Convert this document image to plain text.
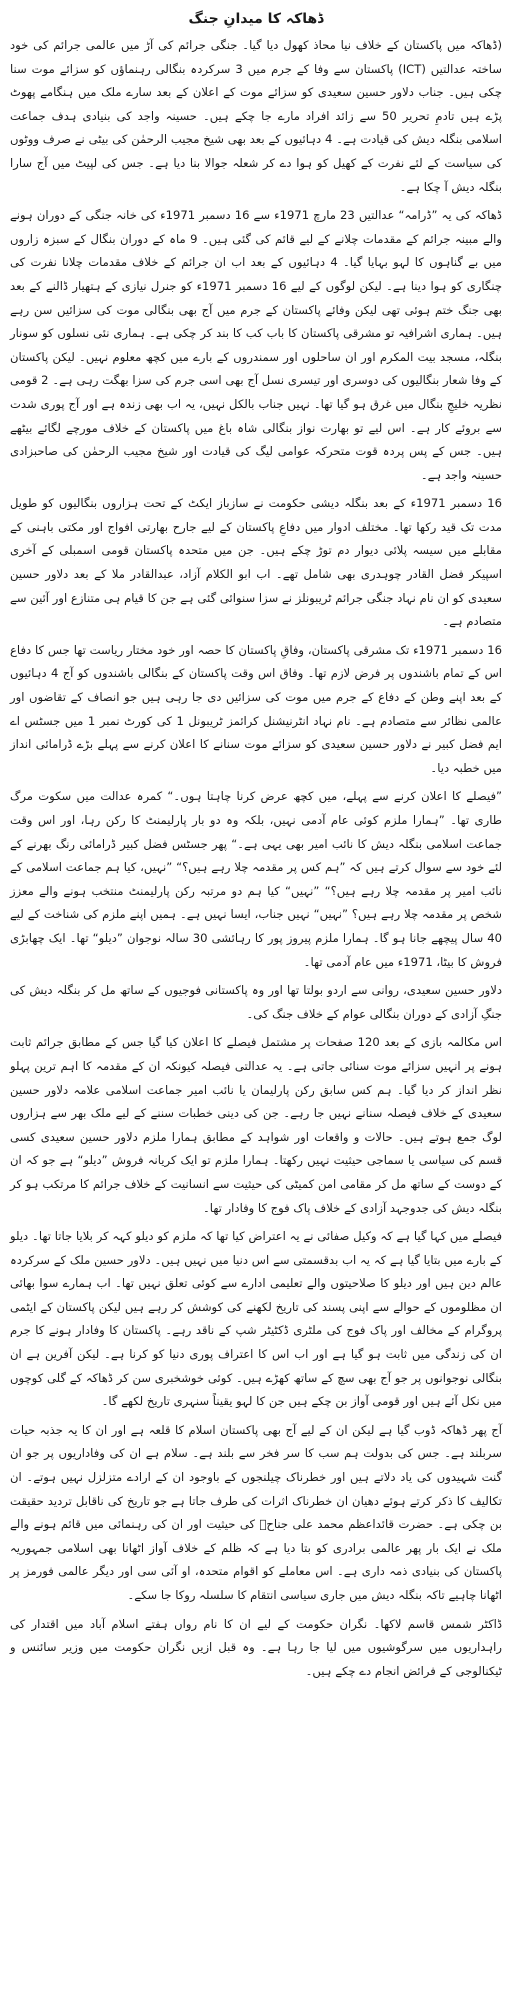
ڈھاکہ کا میدانِ جنگ

(ڈھاکہ میں پاکستان کے خلاف نیا محاذ کھول دیا گیا۔ جنگی جرائم کی آڑ میں عالمی جرائم کی خود ساختہ عدالتیں (ICT) پاکستان سے وفا کے جرم میں 3 سرکردہ بنگالی رہنماؤں کو سزائے موت سنا چکی ہیں۔ جناب دلاور حسین سعیدی کو سزائے موت کے اعلان کے بعد سارے ملک میں ہنگامے پھوٹ پڑے ہیں تادمِ تحریر 50 سے زائد افراد مارے جا چکے ہیں۔ حسینہ واجد کی بنیادی ہدف جماعت اسلامی بنگلہ دیش کی قیادت ہے۔ 4 دہائیوں کے بعد بھی شیخ مجیب الرحمٰن کی بیٹی نے صرف ووٹوں کی سیاست کے لئے نفرت کے کھیل کو ہوا دے کر شعلہ جوالا بنا دیا ہے۔ جس کی لپیٹ میں آج سارا بنگلہ دیش آ چکا ہے۔

ڈھاکہ کی یہ ”ڈرامہ“ عدالتیں 23 مارچ 1971ء سے 16 دسمبر 1971ء کی خانہ جنگی کے دوران ہونے والے مبینہ جرائم کے مقدمات چلانے کے لیے قائم کی گئی ہیں۔ 9 ماہ کے دوران بنگال کے سبزہ زاروں میں بے گناہوں کا لہو بہایا گیا۔ 4 دہائیوں کے بعد اب ان جرائم کے خلاف مقدمات چلانا نفرت کی چنگاری کو ہوا دینا ہے۔ لیکن لوگوں کے لیے 16 دسمبر 1971ء کو جنرل نیازی کے ہتھیار ڈالنے کے بعد بھی جنگ ختم ہوئی تھی لیکن وفائے پاکستان کے جرم میں آج بھی بنگالی موت کی سزائیں سن رہے ہیں۔ ہماری اشرافیہ تو مشرقی پاکستان کا باب کب کا بند کر چکی ہے۔ ہماری نئی نسلوں کو سونار بنگلہ، مسجد بیت المکرم اور ان ساحلوں اور سمندروں کے بارے میں کچھ معلوم نہیں۔ لیکن پاکستان کے وفا شعار بنگالیوں کی دوسری اور تیسری نسل آج بھی اسی جرم کی سزا بھگت رہی ہے۔ 2 قومی نظریہ خلیجِ بنگال میں غرق ہو گیا تھا۔ نہیں جناب بالکل نہیں، یہ اب بھی زندہ ہے اور آج پوری شدت سے بروئے کار ہے۔ اس لیے تو بھارت نواز بنگالی شاہ باغ میں پاکستان کے خلاف مورچے لگائے بیٹھے ہیں۔ جس کے پس پردہ قوت متحرکہ عوامی لیگ کی قیادت اور شیخ مجیب الرحمٰن کی صاحبزادی حسینہ واجد ہے۔

16 دسمبر 1971ء کے بعد بنگلہ دیشی حکومت نے سازباز ایکٹ کے تحت ہزاروں بنگالیوں کو طویل مدت تک قید رکھا تھا۔ مختلف ادوار میں دفاعِ پاکستان کے لیے جارح بھارتی افواج اور مکتی باہنی کے مقابلے میں سیسہ پلائی دیوار دم توڑ چکے ہیں۔ جن میں متحدہ پاکستان قومی اسمبلی کے آخری اسپیکر فضل القادر چوہدری بھی شامل تھے۔ اب ابو الکلام آزاد، عبدالقادر ملا کے بعد دلاور حسین سعیدی کو ان نام نہاد جنگی جرائم ٹریبونلز نے سزا سنوائی گئی ہے جن کا قیام ہی متنازع اور آئین سے متصادم ہے۔

16 دسمبر 1971ء تک مشرقی پاکستان، وفاقِ پاکستان کا حصہ اور خود مختار ریاست تھا جس کا دفاع اس کے تمام باشندوں پر فرض لازم تھا۔ وفاق اس وقت پاکستان کے بنگالی باشندوں کو آج 4 دہائیوں کے بعد اپنے وطن کے دفاع کے جرم میں موت کی سزائیں دی جا رہی ہیں جو انصاف کے تقاضوں اور عالمی نظائر سے متصادم ہے۔ نام نہاد انٹرنیشنل کرائمز ٹریبونل 1 کی کورٹ نمبر 1 میں جسٹس اے ایم فضل کبیر نے دلاور حسین سعیدی کو سزائے موت سنانے کا اعلان کرنے سے پہلے بڑے ڈرامائی انداز میں خطبہ دیا۔

”فیصلے کا اعلان کرنے سے پہلے، میں کچھ عرض کرنا چاہتا ہوں۔“ کمرہ عدالت میں سکوت مرگ طاری تھا۔ ”ہمارا ملزم کوئی عام آدمی نہیں، بلکہ وہ دو بار پارلیمنٹ کا رکن رہا، اور اس وقت جماعت اسلامی بنگلہ دیش کا نائب امیر بھی یہی ہے۔“ پھر جسٹس فضل کبیر ڈرامائی رنگ بھرنے کے لئے خود سے سوال کرتے ہیں کہ ”ہم کس پر مقدمہ چلا رہے ہیں؟“ ”نہیں، کیا ہم جماعت اسلامی کے نائب امیر پر مقدمہ چلا رہے ہیں؟“ ”نہیں“ کیا ہم دو مرتبہ رکن پارلیمنٹ منتخب ہونے والے معزز شخص پر مقدمہ چلا رہے ہیں؟ ”نہیں“ نہیں جناب، ایسا نہیں ہے۔ ہمیں اپنے ملزم کی شناخت کے لیے 40 سال پیچھے جانا ہو گا۔ ہمارا ملزم پیروز پور کا رہائشی 30 سالہ نوجوان ”دیلو“ تھا۔ ایک چھابڑی فروش کا بیٹا، 1971ء میں عام آدمی تھا۔

دلاور حسین سعیدی، روانی سے اردو بولتا تھا اور وہ پاکستانی فوجیوں کے ساتھ مل کر بنگلہ دیش کی جنگِ آزادی کے دوران بنگالی عوام کے خلاف جنگ کی۔

اس مکالمہ بازی کے بعد 120 صفحات پر مشتمل فیصلے کا اعلان کیا گیا جس کے مطابق جرائم ثابت ہونے پر انہیں سزائے موت سنائی جاتی ہے۔ یہ عدالتی فیصلہ کیونکہ ان کے مقدمہ کا اہم ترین پہلو نظر انداز کر دیا گیا۔ ہم کس سابق رکن پارلیمان یا نائب امیر جماعت اسلامی علامہ دلاور حسین سعیدی کے خلاف فیصلہ سنانے نہیں جا رہے۔ جن کی دینی خطبات سننے کے لیے ملک بھر سے ہزاروں لوگ جمع ہوتے ہیں۔ حالات و واقعات اور شواہد کے مطابق ہمارا ملزم دلاور حسین سعیدی کسی قسم کی سیاسی یا سماجی حیثیت نہیں رکھتا۔ ہمارا ملزم تو ایک کریانہ فروش ”دیلو“ ہے جو کہ ان کے دوست کے ساتھ مل کر مقامی امن کمیٹی کی حیثیت سے انسانیت کے خلاف جرائم کا مرتکب ہو کر بنگلہ دیش کی جدوجہد آزادی کے خلاف پاک فوج کا وفادار تھا۔

فیصلے میں کہا گیا ہے کہ وکیل صفائی نے یہ اعتراض کیا تھا کہ ملزم کو دیلو کہہ کر بلایا جاتا تھا۔ دیلو کے بارے میں بتایا گیا ہے کہ یہ اب بدقسمتی سے اس دنیا میں نہیں ہیں۔ دلاور حسین ملک کے سرکردہ عالم دین ہیں اور دیلو کا صلاحیتوں والے تعلیمی ادارے سے کوئی تعلق نہیں تھا۔ اب ہمارے سوا بھائی ان مظلوموں کے حوالے سے اپنی پسند کی تاریخ لکھنے کی کوشش کر رہے ہیں لیکن پاکستان کے ایٹمی پروگرام کے مخالف اور پاک فوج کی ملٹری ڈکٹیٹر شپ کے ناقد رہے۔ پاکستان کا وفادار ہونے کا جرم ان کی زندگی میں ثابت ہو گیا ہے اور اب اس کا اعتراف پوری دنیا کو کرنا ہے۔ لیکن آفرین ہے ان بنگالی نوجوانوں پر جو آج بھی سچ کے ساتھ کھڑے ہیں۔ کوئی خوشخبری سن کر ڈھاکہ کے گلی کوچوں میں نکل آئے ہیں اور قومی آواز بن چکے ہیں جن کا لہو یقیناً سنہری تاریخ لکھے گا۔

آج پھر ڈھاکہ ڈوب گیا ہے لیکن ان کے لیے آج بھی پاکستان اسلام کا قلعہ ہے اور ان کا یہ جذبہ حیات سربلند ہے۔ جس کی بدولت ہم سب کا سر فخر سے بلند ہے۔ سلام ہے ان کی وفاداریوں پر جو ان گنت شہیدوں کی یاد دلاتے ہیں اور خطرناک چیلنجوں کے باوجود ان کے ارادے متزلزل نہیں ہوتے۔ ان تکالیف کا ذکر کرتے ہوئے دھیان ان خطرناک اثرات کی طرف جاتا ہے جو تاریخ کی ناقابل تردید حقیقت بن چکی ہے۔ حضرت قائداعظم محمد علی جناحؒ کی حیثیت اور ان کی رہنمائی میں قائم ہونے والے ملک نے ایک بار پھر عالمی برادری کو بتا دیا ہے کہ ظلم کے خلاف آواز اٹھانا بھی اسلامی جمہوریہ پاکستان کی بنیادی ذمہ داری ہے۔ اس معاملے کو اقوام متحدہ، او آئی سی اور دیگر عالمی فورمز پر اٹھانا چاہیے تاکہ بنگلہ دیش میں جاری سیاسی انتقام کا سلسلہ روکا جا سکے۔

ڈاکٹر شمس قاسم لاکھا۔ نگران حکومت کے لیے ان کا نام رواں ہفتے اسلام آباد میں اقتدار کی راہداریوں میں سرگوشیوں میں لیا جا رہا ہے۔ وہ قبل ازیں نگران حکومت میں وزیر سائنس و ٹیکنالوجی کے فرائض انجام دے چکے ہیں۔
